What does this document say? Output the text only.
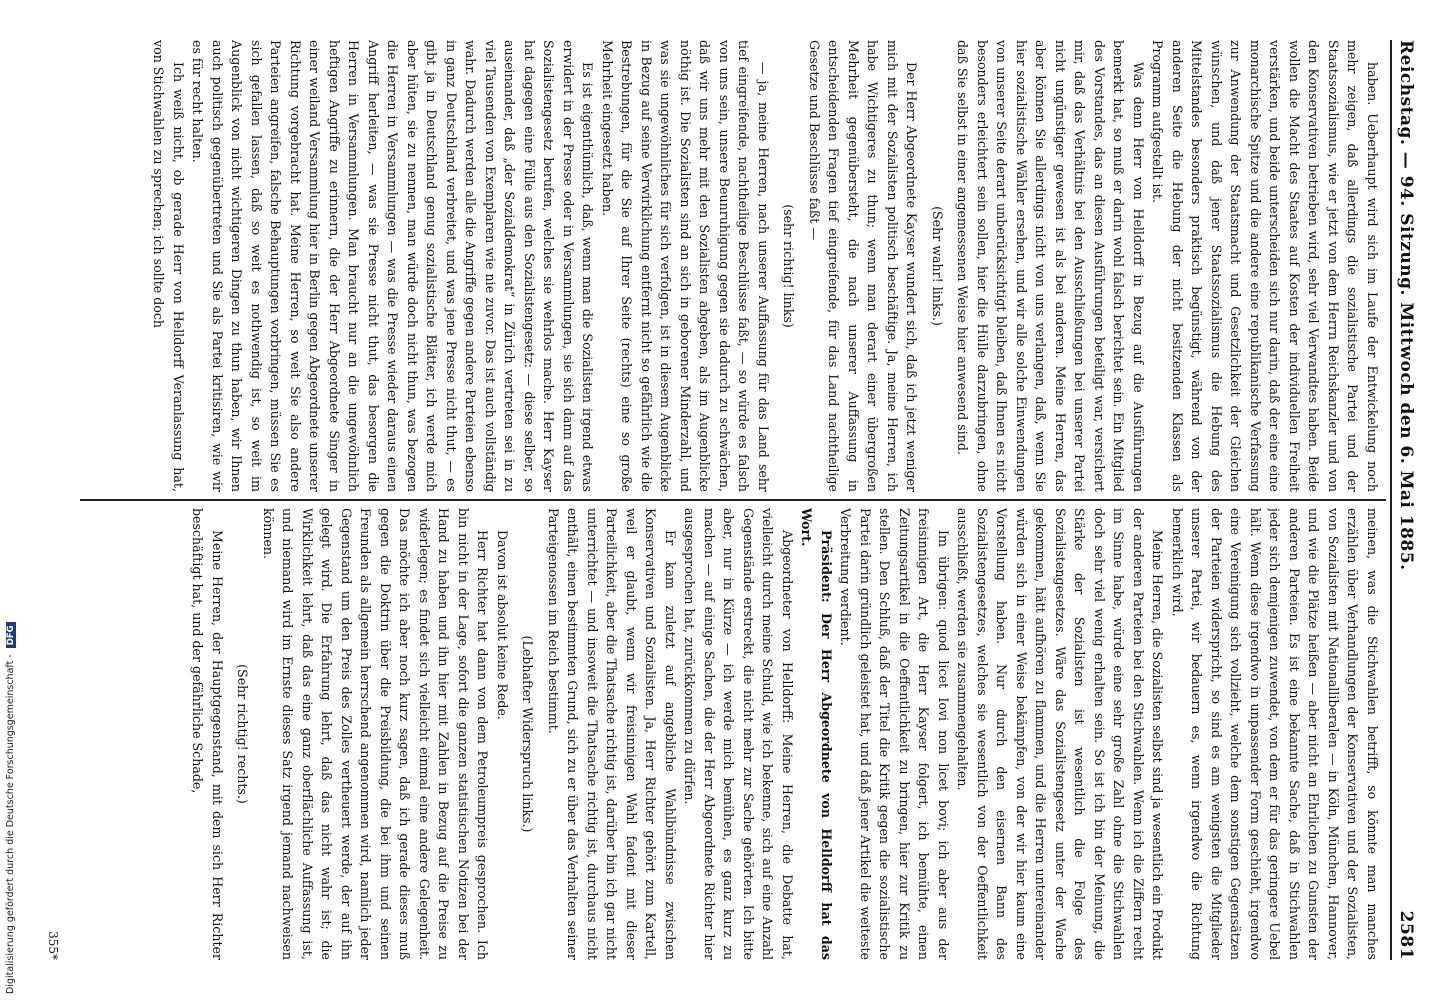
Reichstag. — 94. Sitzung. Mittwoch den 6. Mai 1885.
2581

haben. Ueberhaupt wird sich im Laufe der Entwickelung noch mehr zeigen, daß allerdings die sozialistische Partei und der Staatssozialismus, wie er jetzt von dem Herrn Reichskanzler und von den Konservativen betrieben wird, sehr viel Verwandtes haben. Beide wollen die Macht des Staates auf Kosten der individuellen Freiheit verstärken, und beide unterscheiden sich nur darin, daß der eine eine monarchische Spitze und die andere eine republikanische Verfassung zur Anwendung der Staatsmacht und Gesetzlichkeit der Gleichen wünschen, und daß jener Staatssozialismus die Hebung des Mittelstandes besonders praktisch begünstigt, während von der anderen Seite die Hebung der nicht besitzenden Klassen als Programm aufgestellt ist.

Was denn Herr von Helldorff in Bezug auf die Ausführungen bemerkt hat, so muß er darin wohl falsch berichtet sein. Ein Mitglied des Vorstandes, das an diesen Ausführungen beteiligt war, versichert mir, daß das Verhältnis bei den Ausschließungen bei unserer Partei nicht ungünstiger gewesen ist als bei anderen. Meine Herren, das aber können Sie allerdings nicht von uns verlangen, daß, wenn Sie hier sozialistische Wähler ersehen, und wir alle solche Einwendungen von unserer Seite derart unberücksichtigt bleiben, daß Ihnen es nicht besonders erleichtert sein sollen, hier die Hülle darzubringen, ohne daß Sie selbst in einer angemessenen Weise hier anwesend sind.

(Sehr wahr! links.)

Der Herr Abgeordnete Kayser wundert sich, daß ich jetzt weniger mich mit der Sozialisten politisch beschäftige. Ja, meine Herren, ich habe Wichtigeres zu thun; wenn man derart einer übergroßen Mehrheit gegenübersteht, die nach unserer Auffassung in entscheidenden Fragen tief eingreifende, für das Land nachtheilige Gesetze und Beschlüsse faßt —

(sehr richtig! links)

— ja, meine Herren, nach unserer Auffassung für das Land sehr tief eingreifende, nachtheilige Beschlüsse faßt, — so würde es falsch von uns sein, unsere Beunruhigung gegen sie dadurch zu schwächen, daß wir uns mehr mit den Sozialisten abgeben, als im Augenblicke nöthig ist. Die Sozialisten sind an sich in geborener Minderzahl, und was sie ungewöhnliches für sich verfolgen, ist in diesem Augenblicke in Bezug auf seine Verwirklichung entfernt nicht so gefährlich wie die Bestrebungen, für die Sie auf Ihrer Seite (rechts) eine so große Mehrheit eingesetzt haben.

Es ist eigenthümlich, daß, wenn man die Sozialisten irgend etwas erwidert in der Presse oder in Versammlungen, sie sich dann auf das Sozialistengesetz berufen, welches sie wehrlos mache. Herr Kayser hat dagegen eine Fülle aus den Sozialistengesetz: — diese selber, so auseinander, daß „der Sozialdemokrat“ in Zürich vertreten sei in zu viel Tausenden von Exemplaren wie nie zuvor. Das ist auch vollständig wahr. Dadurch werden alle die Angriffe gegen andere Parteien ebenso in ganz Deutschland verbreitet, und was jene Presse nicht thut, — es gibt ja in Deutschland genug sozialistische Blätter, ich werde mich aber hüten, sie zu nennen, man würde doch nicht thun, was bezogen die Herren in Versammlungen — was die Presse wieder daraus einen Angriff herleiten, — was sie Presse nicht thut, das besorgen die Herren in Versammlungen. Man braucht nur an die ungewöhnlich heftigen Angriffe zu erinnern, die der Herr Abgeordnete Singer in einer weiland Versammlung hier in Berlin gegen Abgeordnete unserer Richtung vorgebracht hat. Meine Herren, so weit Sie also andere Parteien angreifen, falsche Behauptungen vorbringen, müssen Sie es sich gefallen lassen, daß so weit es nothwendig ist, so weit im Augenblick von nicht wichtigeren Dingen zu thun haben, wir Ihnen auch politisch gegenübertreten und Sie als Partei kritisiren, wie wir es für recht halten.

Ich weiß nicht, ob gerade Herr von Helldorff Veranlassung hat, von Stichwahlen zu sprechen; ich sollte doch

meinen, was die Stichwahlen betrifft, so könnte man manches erzählen über Verhandlungen der Konservativen und der Sozialisten, von Sozialisten mit Nationalliberalen — in Köln, München, Hannover, und wie die Plätze heißen — aber nicht an Ehrlichen zu Gunsten der anderen Parteien. Es ist eine bekannte Sache, daß in Stichwahlen jeder sich demjenigen zuwendet, von dem er für das geringere Uebel hält. Wenn diese irgendwo in unpassender Form geschieht, irgendwo eine Vereinigung sich vollzieht, welche dem sonstigen Gegensätzen der Parteien widerspricht, so sind es am wenigsten die Mitglieder unserer Partei, wir bedauern es, wenn irgendwo die Richtung bemerklich wird.

Meine Herren, die Sozialisten selbst sind ja wesentlich ein Produkt der anderen Parteien bei den Stichwahlen. Wenn ich die Ziffern recht im Sinne habe, würde eine sehr große Zahl ohne die Stichwahlen doch sehr viel wenig erhalten sein. So ist ich bin der Meinung, die Stärke der Sozialisten ist wesentlich die Folge des Sozialistengesetzes. Wäre das Sozialistengesetz unter der Wache gekommen, hätt aufhören zu flammen, und die Herren untereinander würden sich in einer Weise bekämpfen, von der wir hier kaum eine Vorstellung haben. Nur durch den eisernen Bann des Sozialistengesetzes, welches sie wesentlich von der Oeffentlichkeit ausschließt, werden sie zusammengehalten.

Im übrigen: quod licet Iovi non licet bovi; ich aber aus der freisinnigen Art, die Herr Kayser folgert, ich bemühte, einen Zeitungsartikel in die Oeffentlichkeit zu bringen, hier zur Kritik zu stellen. Den Schluß, daß der Titel die Kritik gegen die sozialistische Partei darin gründlich geleistet hat, und daß jener Artikel die weiteste Verbreitung verdient.

Präsident: Der Herr Abgeordnete von Helldorff hat das Wort.

Abgeordneter von Helldorff: Meine Herren, die Debatte hat, vielleicht durch meine Schuld, wie ich bekenne, sich auf eine Anzahl Gegenstände erstreckt, die nicht mehr zur Sache gehörten. Ich bitte aber, nur in Kürze — ich werde mich bemühen, es ganz kurz zu machen — auf einige Sachen, die der Herr Abgeordnete Richter hier ausgesprochen hat, zurückkommen zu dürfen.

Er kam zuletzt auf angebliche Wahlbündnisse zwischen Konservativen und Sozialisten. Ja, Herr Richter gehört zum Kartell, weil er glaubt, wenn wir freisinnigen Wahl fadent mit dieser Parteilichkeit, aber die Thatsache richtig ist, darüber bin ich gar nicht unterrichtet — und insoweit die Thatsache richtig ist, durchaus nicht enthält, einen bestimmten Grund, sich zu er über das Verhalten seiner Parteigenossen im Reich bestimmt.

(Lebhafter Widerspruch links.)

Davon ist absolut keine Rede.

Herr Richter hat dann von dem Petroleumpreis gesprochen. Ich bin nicht in der Lage, sofort die ganzen statistischen Notizen bei der Hand zu haben und ihn hier mit Zahlen in Bezug auf die Preise zu widerlegen; es findet sich vielleicht einmal eine andere Gelegenheit. Das möchte ich aber noch kurz sagen, daß ich gerade dieses muß gegen die Doktrin über die Preisbildung, die bei ihm und seinen Freunden als allgemein herrschend angenommen wird, namlich jeder Gegenstand um den Preis des Zolles vertheuert werde, der auf ihn gelegt wird. Die Erfahrung lehrt, daß das nicht wahr ist; die Wirklichkeit lehrt, daß das eine ganz oberflächliche Auffassung ist, und niemand wird im Ernste dieses Satz irgend jemand nachweisen können.

(Sehr richtig! rechts.)

Meine Herren, der Hauptgegenstand, mit dem sich Herr Richter beschäftigt hat, und der gefährliche Schade,

355*
Digitalisierung gefördert durch die Deutsche Forschungsgemeinschaft - DFG
